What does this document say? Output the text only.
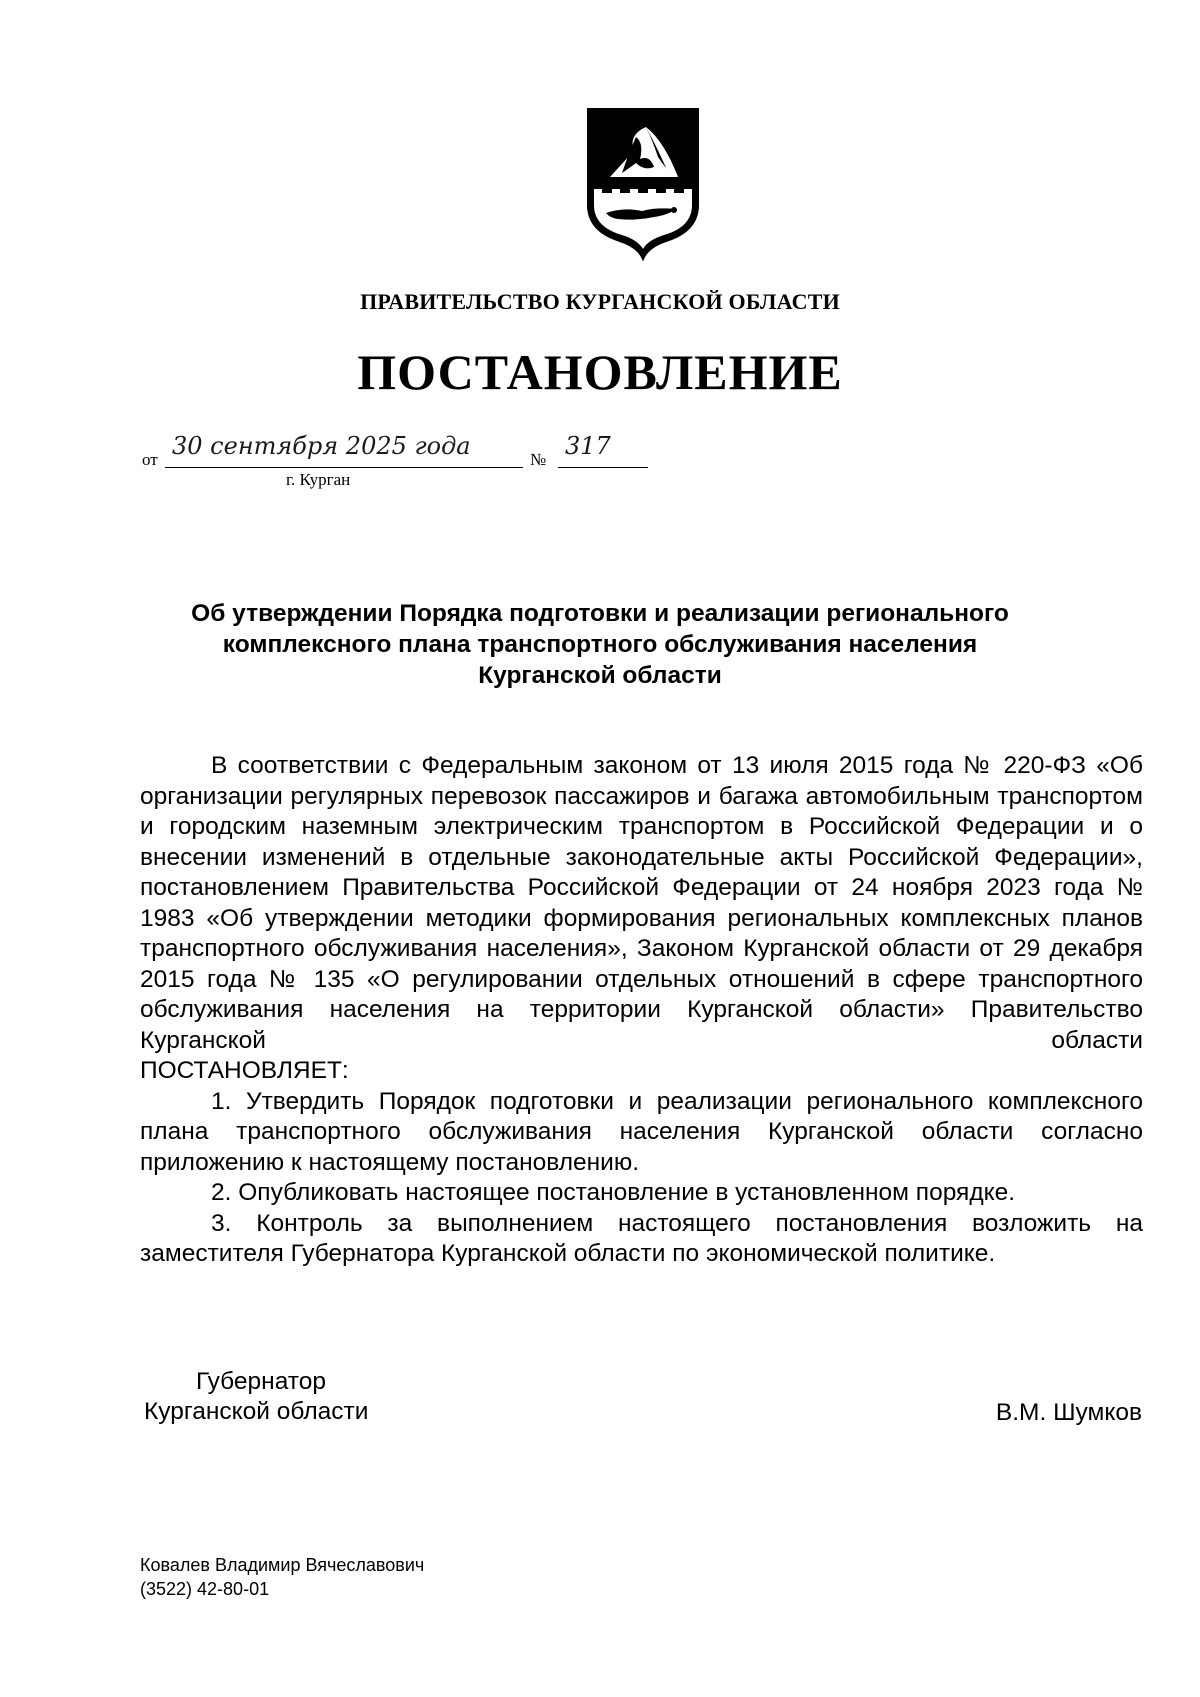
ПРАВИТЕЛЬСТВО КУРГАНСКОЙ ОБЛАСТИ
ПОСТАНОВЛЕНИЕ
от 30 сентября 2025 года	№ 317
г. Курган
Об утверждении Порядка подготовки и реализации регионального
комплексного плана транспортного обслуживания населения
Курганской области

В соответствии с Федеральным законом от 13 июля 2015 года № 220-ФЗ «Об организации регулярных перевозок пассажиров и багажа автомобильным транспортом и городским наземным электрическим транспортом в Российской Федерации и о внесении изменений в отдельные законодательные акты Российской Федерации», постановлением Правительства Российской Федерации от 24 ноября 2023 года № 1983 «Об утверждении методики формирования региональных комплексных планов транспортного обслуживания населения», Законом Курганской области от 29 декабря 2015 года № 135 «О регулировании отдельных отношений в сфере транспортного обслуживания населения на территории Курганской области» Правительство Курганской области

ПОСТАНОВЛЯЕТ:

1. Утвердить Порядок подготовки и реализации регионального комплексного плана транспортного обслуживания населения Курганской области согласно приложению к настоящему постановлению.

2. Опубликовать настоящее постановление в установленном порядке.

3. Контроль за выполнением настоящего постановления возложить на заместителя Губернатора Курганской области по экономической политике.

Губернатор
Курганской области	В.М. Шумков
Ковалев Владимир Вячеславович
(3522) 42-80-01
